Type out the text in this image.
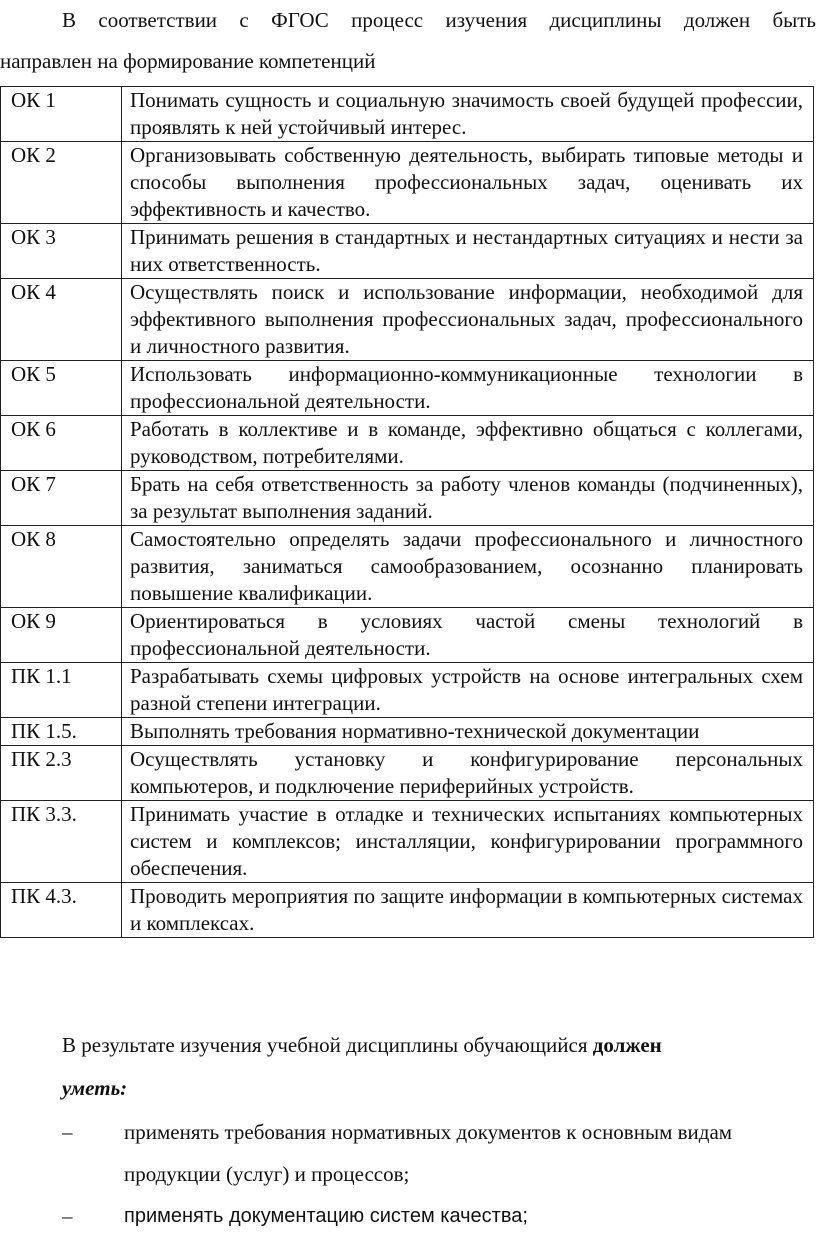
В соответствии с ФГОС процесс изучения дисциплины должен быть
направлен на формирование компетенций
ОК 1	Понимать сущность и социальную значимость своей будущей профессии, проявлять к ней устойчивый интерес.
ОК 2	Организовывать собственную деятельность, выбирать типовые методы и способы выполнения профессиональных задач, оценивать их эффективность и качество.
ОК 3	Принимать решения в стандартных и нестандартных ситуациях и нести за них ответственность.
ОК 4	Осуществлять поиск и использование информации, необходимой для эффективного выполнения профессиональных задач, профессионального и личностного развития.
ОК 5	Использовать информационно-коммуникационные технологии в профессиональной деятельности.
ОК 6	Работать в коллективе и в команде, эффективно общаться с коллегами, руководством, потребителями.
ОК 7	Брать на себя ответственность за работу членов команды (подчиненных), за результат выполнения заданий.
ОК 8	Самостоятельно определять задачи профессионального и личностного развития, заниматься самообразованием, осознанно планировать повышение квалификации.
ОК 9	Ориентироваться в условиях частой смены технологий в профессиональной деятельности.
ПК 1.1	Разрабатывать схемы цифровых устройств на основе интегральных схем разной степени интеграции.
ПК 1.5.	Выполнять требования нормативно-технической документации
ПК 2.3	Осуществлять установку и конфигурирование персональных компьютеров, и подключение периферийных устройств.
ПК 3.3.	Принимать участие в отладке и технических испытаниях компьютерных систем и комплексов; инсталляции, конфигурировании программного обеспечения.
ПК 4.3.	Проводить мероприятия по защите информации в компьютерных системах и комплексах.
В результате изучения учебной дисциплины обучающийся должен
уметь:
–	применять требования нормативных документов к основным видам продукции (услуг) и процессов;
–	применять документацию систем качества;
